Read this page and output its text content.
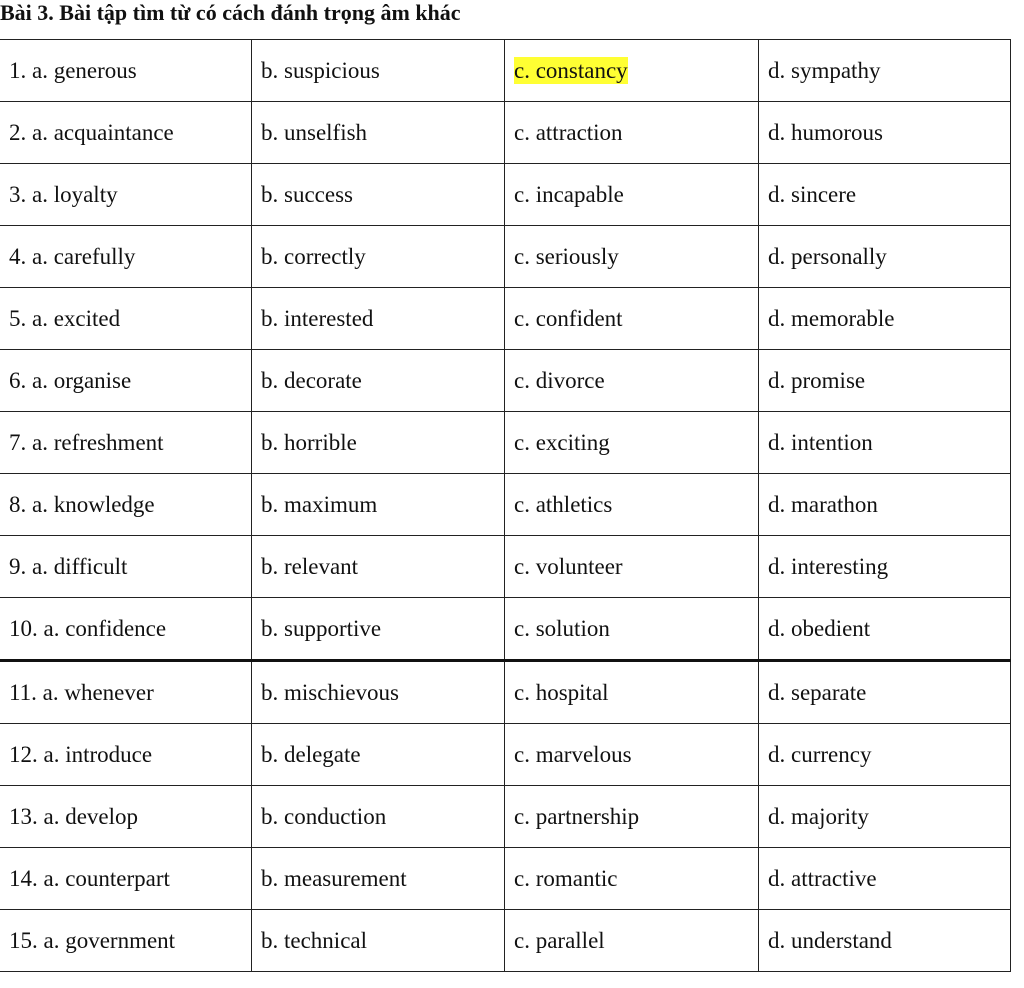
Bài 3. Bài tập tìm từ có cách đánh trọng âm khác
1. a. generous	b. suspicious	c. constancy	d. sympathy
2. a. acquaintance	b. unselfish	c. attraction	d. humorous
3. a. loyalty	b. success	c. incapable	d. sincere
4. a. carefully	b. correctly	c. seriously	d. personally
5. a. excited	b. interested	c. confident	d. memorable
6. a. organise	b. decorate	c. divorce	d. promise
7. a. refreshment	b. horrible	c. exciting	d. intention
8. a. knowledge	b. maximum	c. athletics	d. marathon
9. a. difficult	b. relevant	c. volunteer	d. interesting
10. a. confidence	b. supportive	c. solution	d. obedient
11. a. whenever	b. mischievous	c. hospital	d. separate
12. a. introduce	b. delegate	c. marvelous	d. currency
13. a. develop	b. conduction	c. partnership	d. majority
14. a. counterpart	b. measurement	c. romantic	d. attractive
15. a. government	b. technical	c. parallel	d. understand
